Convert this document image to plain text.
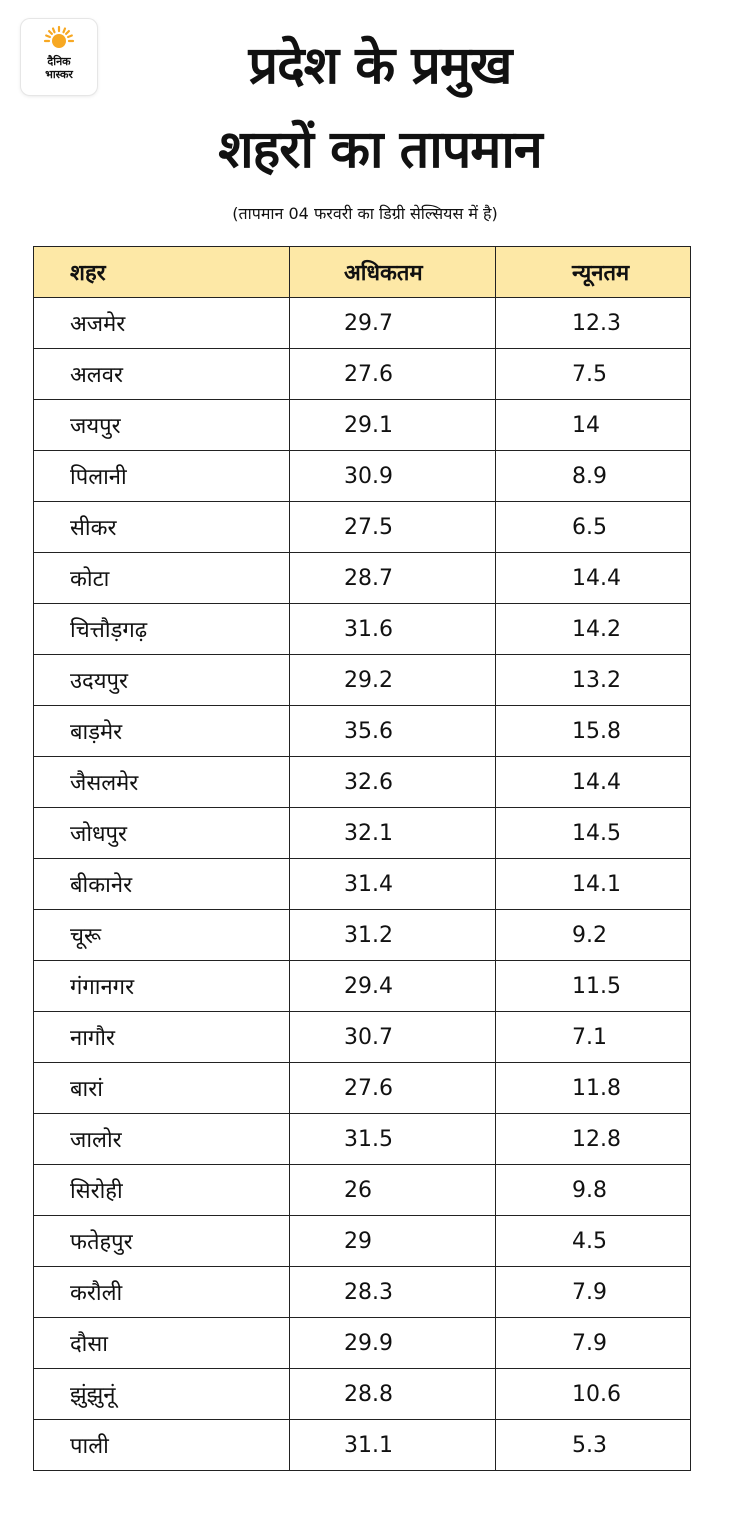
दैनिक
भास्कर	प्रदेश के प्रमुख
शहरों का तापमान
(तापमान 04 फरवरी का डिग्री सेल्सियस में है)
शहर	अधिकतम	न्यूनतम
अजमेर	29.7	12.3
अलवर	27.6	7.5
जयपुर	29.1	14
पिलानी	30.9	8.9
सीकर	27.5	6.5
कोटा	28.7	14.4
चित्तौड़गढ़	31.6	14.2
उदयपुर	29.2	13.2
बाड़मेर	35.6	15.8
जैसलमेर	32.6	14.4
जोधपुर	32.1	14.5
बीकानेर	31.4	14.1
चूरू	31.2	9.2
गंगानगर	29.4	11.5
नागौर	30.7	7.1
बारां	27.6	11.8
जालोर	31.5	12.8
सिरोही	26	9.8
फतेहपुर	29	4.5
करौली	28.3	7.9
दौसा	29.9	7.9
झुंझुनूं	28.8	10.6
पाली	31.1	5.3
